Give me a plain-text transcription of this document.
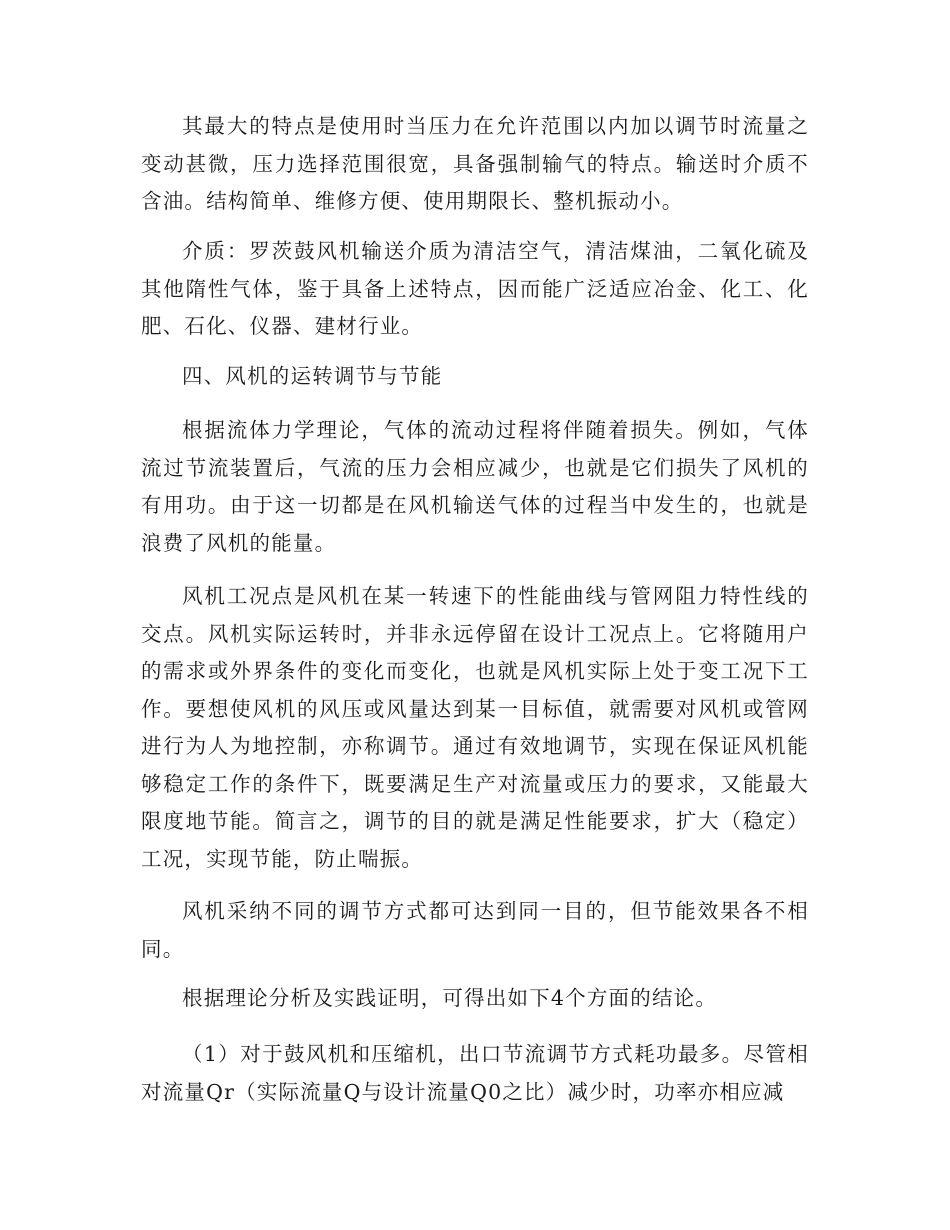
其最大的特点是使用时当压力在允许范围以内加以调节时流量之变动甚微，压力选择范围很宽，具备强制输气的特点。输送时介质不含油。结构简单、维修方便、使用期限长、整机振动小。

介质：罗茨鼓风机输送介质为清洁空气，清洁煤油，二氧化硫及其他隋性气体，鉴于具备上述特点，因而能广泛适应冶金、化工、化肥、石化、仪器、建材行业。

四、风机的运转调节与节能

根据流体力学理论，气体的流动过程将伴随着损失。例如，气体流过节流装置后，气流的压力会相应减少，也就是它们损失了风机的有用功。由于这一切都是在风机输送气体的过程当中发生的，也就是浪费了风机的能量。

风机工况点是风机在某一转速下的性能曲线与管网阻力特性线的交点。风机实际运转时，并非永远停留在设计工况点上。它将随用户的需求或外界条件的变化而变化，也就是风机实际上处于变工况下工作。要想使风机的风压或风量达到某一目标值，就需要对风机或管网进行为人为地控制，亦称调节。通过有效地调节，实现在保证风机能够稳定工作的条件下，既要满足生产对流量或压力的要求，又能最大限度地节能。简言之，调节的目的就是满足性能要求，扩大（稳定）工况，实现节能，防止喘振。

风机采纳不同的调节方式都可达到同一目的，但节能效果各不相同。

根据理论分析及实践证明，可得出如下4个方面的结论。

（1）对于鼓风机和压缩机，出口节流调节方式耗功最多。尽管相对流量Qr（实际流量Q与设计流量Q0之比）减少时，功率亦相应减
